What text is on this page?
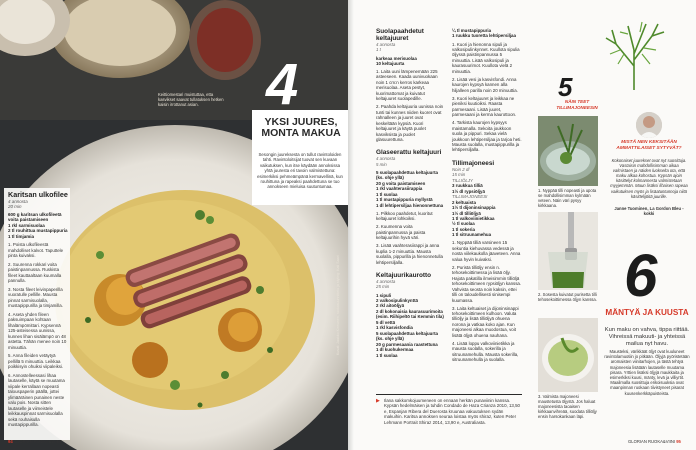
Keittiomestari muistuttaa, etta kasvikset saavat tullatuksen hetken kaisin irrottanut asian.
Kuvat: Jaakko Kinnunen, ruokasuunnittelu ja styling: Kati Saari
4
YKSI JUURES, MONTA MAKUA
Sesongin juureksesta on tullut ravintoloiden tahti. Ravintoloitsijat tuovat sen kuvaan vaikutuksen, kun itse käydään annoksissa yhtä juuresta eri tavoin valmistettuna: esimerkiksi pehmeämpänä kermavellinä, kun rouhittuna ja rapeaksi paahdettuna se tuo annokseen mieluisa suutuntumaa.
Karitsan ulkofilee
4 annosta
20 min
600 g karitsan ulkofileetä
voita paistamiseen
1 rkl sarmisuolaa
2 tl rouhittua mustapippuria
1 tl timjamia
1. Poista ulkofileestä mahdolliset kalvot. Taputtele pinta kuivaksi.
2. Suurenna rokkari voita paistinpannussa. Ruskista fileet kauttaaltaan kuumalla pannulla.
3. Nosta fileet leivinpaperilla vuoratulle pellille. Mausta pinnat sarmisuolalla, mustapippurilla ja timjamilla.
4. Aseta yhden fileen paksuimpaan kohtaan lihalämpömittari. Kypsennä 125-asteisessa uunissa, kunnes lihan sisälämpö on 48 astetta. Tähän menee noin 10 minuuttia.
5. Anna fileiden vetäytyä pellillä 5 minuuttia. Leikkaa poikkisyin ohuiksi viipaleiksi.
6. Annostelleessasi lihaa lautaselle, käytä se muutama viipale kerrallaan nopeasti talouspaperin päällä, jottei ylimääräinen punainen neste valu pois. Nosta sitten lautaselle ja viimeistele leikkauspinnat sarmisuolalla sekä rouhaisulla mustapippurilla.
94 GLORIAN RUOKA&VIINI
Suolapaahdetut keltajuuret
4 annosta
1 t
karkeaa merisuolaa
10 keltajuurta
1. Laita uuni lämpenemään 225 asteeseen. Kaada uunivuokaan noin 1 cm:n kerros karkeaa merisuolaa. Aseta pestyt, kuorimattomat ja kuivatut keltajuuret suolapedille.
2. Paahda keltajuuria uunissa noin tunti tai kunnes niiden kuoret ovat rahnalleen ja juuret ovat keskeltään kypsiä. Kuori keltajuuret ja käytä puolet kasviksista ja puolet glasuurettuna.
Glaseerattu keltajuuri
4 annosta
5 min
5 suolapaahdettua keltajuurta (ks. ohje yllä)
20 g voita paistamiseen
1 rkl vaahterasiirappia
1 tl suolaa
1 tl mustapippuria myllystä
1 dl lehtipersiljaa hienonnettuna
1. Pilkkoo paahdetut, kuoritut keltajuuret lohkoiksi.
2. Kuumenna voita paistinpannussa ja paista keltajuurihin hyvä väri.
3. Lisää vaahterasiirappi ja anna kuplia 1-2 minuuttia. Mausta suolalla, pippurilla ja hienonnetulla lehtipersiljalla.
Keltajuurikaurotto
4 annosta
25 min
1 sipuli
2 valkosipulinkynttä
2 rkl aitoöljyä
2 dl kokonaisia kaurasuurimoita (esim. Riihipeltö tai Kemmin tila)
5 dl vettä
1 rkl kasvisfondia
5 suolapaahdettua keltajuurta (ks. ohje yllä)
20 g parmesaania raastettuna
1 dl kuohukermaa
1 tl suolaa
¼ tl mustapippuria
1 ruukku tuoretta lehtipersiljaa
1. Kuori ja hienonna sipuli ja valkosipulinkynnet. Kuullota sipulia öljyssä paistinpannussa 5 minuuttia. Lisää valkosipuli ja kaurasuurimot. Kuullota vielä 2 minuuttia.
2. Lisää vesi ja kasvisfondi. Anna kaurojen kypsyä kannen alla hiljalleen parilla noin 20 minuuttia.
3. Kuori keltajuuret ja leikkaa ne pieniksi kuutioiksi. Raasta parmesaani. Lisää juuret, parmesaani ja kerma kaurottoon.
4. Tarkista kaurojen kypsyys maistamalla. Sekoita joukkoon suola ja pippuri. Sekaa vielä joukkoon lehtipersiljaa ja tarjoa heti. Mausta suolalla, mustapippurilla ja lehtipersiljalla.
Tillimajoneesi
Noin 2 dl
15 min
TILLIÖLJY
3 ruukkua tilliä
1½ dl rypsiöljyä
TILLIMAJONEESI
2 keltuaista
1½ tl dijoninsinappia
1½ dl tilliöljyä
1 tl valkoviinietikkaa
½ tl suolaa
1 tl sokeria
1 tl sitruunamehua
1. Nyppää tilliä varsineen 15 sekuntia kiehuvassa vedessä ja nosta viilekaukolla jäaveteen. Anna valua hyvin kuivaksi.
2. Purista tilliöljy ensin n. tehosekoittimessa ja lisää öljy. Hajota pakatilla ilmeisimmin tilliöljä tehosekoittimeen rypsiöljyn kanssa. Vahvista seosta noin kaksin, ettei tilli on taloudellisesti sinisempi kuumassa.
3. Laita keltuaiset ja dijoninsinappi tehosekoittimeen kulhoon. Valuta tilliöljy ja lisää tilliöljyä ohuena norona ja vatkaa koko ajan. Kun majoneesi alkaa muodostua, voit lisätä öljyä ohuena nauhana.
4. Lisää loppu valkoviinietikka ja mausta suolalla, sokerilla ja sitruunamehulla. Mausta sokerilla, sitruunamehulla ja suolalla.
▶ Ilana sakkomkojuumeneen on ennaan herkän punaviinin kanssa. Kypsän hedelmäisen ja tuhdin Condado de Haza Crianza 2010, 13,50 e, Espanjan Ribera del Duerosta kruunaa vakuutuksen sydän makuihin. Karitsa annoksen seuraa loistaa myös shiraz, kuten Peter Lehmann Portrait Shiraz 2014, 13,90 e, Australiasta.
5
NÄIN TEET TILLIMAJONEESIN
1. Nyppää tilli nopeasti ja upota se mahdollisimman kylmään veteen. Näin väri pysyy kirkkaana.
2. Sosesta kuivatut purisetta tilli tehosekoittimessa öljyn kanssa.
3. Valmista majoneesi maustetusta öljystä. Jos haluat majoneesista taoaisen kirkkaanvihreää, suodata tilliöljy ensin harsokankaan läpi.
MISTÄ NEN KEKSITÄÄN AMMATTILAISET SYTYVÄT?
Kokonaiset juurekset ovat nyt suosittuja. Vastaisin mahdollisimman aikaa valmistaen ja näiden luokselta ota, että maku alkaa kohostua. Kypsän ajoin käsittelyt kolmannesta valmistetaan myyjemmän. Maun lisäksi lihaisen rapeaa vaikutuksen myös ja lisäatuntunnoja niitä käsittelijöitä juurille.
Janne Tuominen, La Gordon Bleu -kokki
6
MÄNTYÄ JA KUUSTA
Kun maku on vahva, tippa riittää. Vihreissä makuuti- ja yhteissä mailua nyt havu.
Mausteksi, värikkäät öljyt ovat kuuluneet ravintolamuotiin jo pitkään. Öljyjä pyöristetään aromaisten viinitarhojen, ja tästä tehtyä majoneesia lisätään lautaselle muutama pisara. Yrttien lisäksi öljyjä maukkaita ja esimerkiksi kuusi, mänty, levä ja villiyrtit. Maailmalla suosittuja erikoisuuksia ovat maanpinnan ruokaan tiivistyneet pisarat kuusenkerkkäpuisteista.
GLORIAN RUOKA&VIINI 95
